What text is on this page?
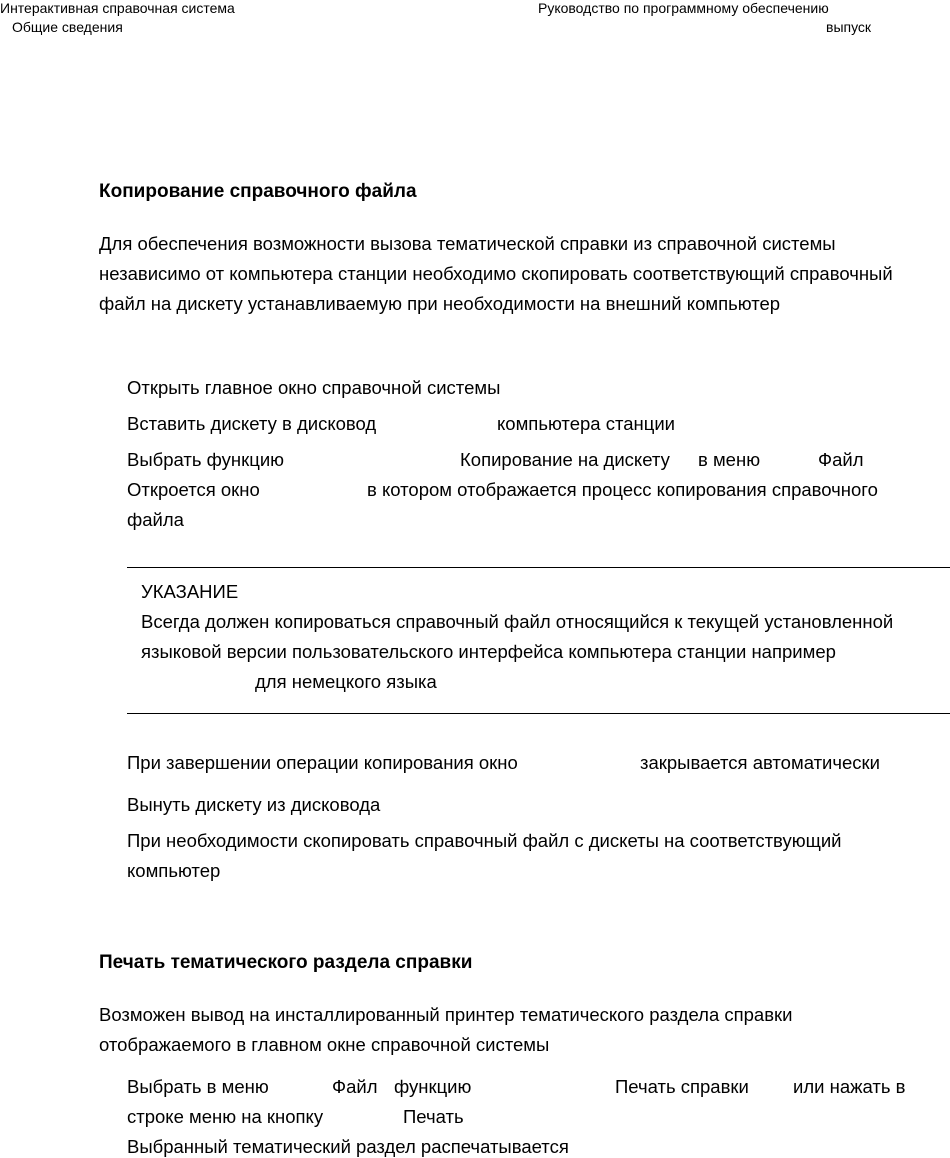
Интерактивная справочная система
Общие сведения
Руководство по программному обеспечению
выпуск
Копирование справочного файла
Для обеспечения возможности вызова тематической справки из справочной системы
независимо от компьютера станции необходимо скопировать соответствующий справочный
файл на дискету устанавливаемую при необходимости на внешний компьютер
Открыть главное окно справочной системы
Вставить дискету в дисковод	компьютера станции
Выбрать функцию	Копирование на дискету в меню	Файл
Откроется окно	в котором отображается процесс копирования справочного
файла
УКАЗАНИЕ
Всегда должен копироваться справочный файл относящийся к текущей установленной
языковой версии пользовательского интерфейса компьютера станции например
для немецкого языка
При завершении операции копирования окно	закрывается автоматически
Вынуть дискету из дисковода
При необходимости скопировать справочный файл с дискеты на соответствующий
компьютер
Печать тематического раздела справки
Возможен вывод на инсталлированный принтер тематического раздела справки
отображаемого в главном окне справочной системы
Выбрать в меню	Файл функцию	Печать справки или нажать в
строке меню на кнопку	Печать
Выбранный тематический раздел распечатывается
